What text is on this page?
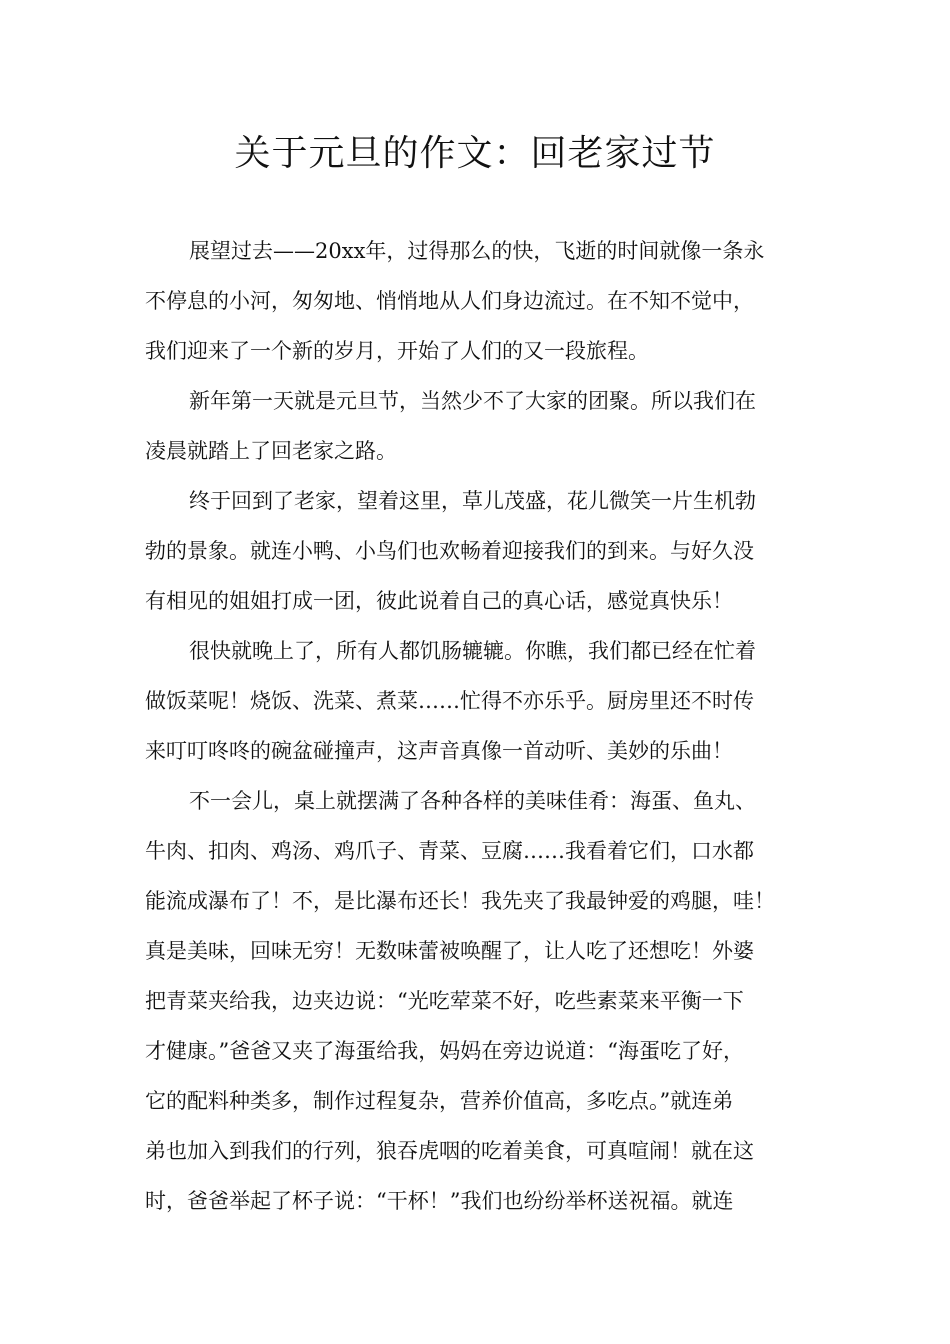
关于元旦的作文：回老家过节
展望过去——20xx年，过得那么的快，飞逝的时间就像一条永
不停息的小河，匆匆地、悄悄地从人们身边流过。在不知不觉中，
我们迎来了一个新的岁月，开始了人们的又一段旅程。
新年第一天就是元旦节，当然少不了大家的团聚。所以我们在
凌晨就踏上了回老家之路。
终于回到了老家，望着这里，草儿茂盛，花儿微笑一片生机勃
勃的景象。就连小鸭、小鸟们也欢畅着迎接我们的到来。与好久没
有相见的姐姐打成一团，彼此说着自己的真心话，感觉真快乐！
很快就晚上了，所有人都饥肠辘辘。你瞧，我们都已经在忙着
做饭菜呢！烧饭、洗菜、煮菜……忙得不亦乐乎。厨房里还不时传
来叮叮咚咚的碗盆碰撞声，这声音真像一首动听、美妙的乐曲！
不一会儿，桌上就摆满了各种各样的美味佳肴：海蛋、鱼丸、
牛肉、扣肉、鸡汤、鸡爪子、青菜、豆腐……我看着它们，口水都
能流成瀑布了！不，是比瀑布还长！我先夹了我最钟爱的鸡腿，哇！
真是美味，回味无穷！无数味蕾被唤醒了，让人吃了还想吃！外婆
把青菜夹给我，边夹边说：“光吃荤菜不好，吃些素菜来平衡一下
才健康。”爸爸又夹了海蛋给我，妈妈在旁边说道：“海蛋吃了好，
它的配料种类多，制作过程复杂，营养价值高，多吃点。”就连弟
弟也加入到我们的行列，狼吞虎咽的吃着美食，可真喧闹！就在这
时，爸爸举起了杯子说：“干杯！”我们也纷纷举杯送祝福。就连
